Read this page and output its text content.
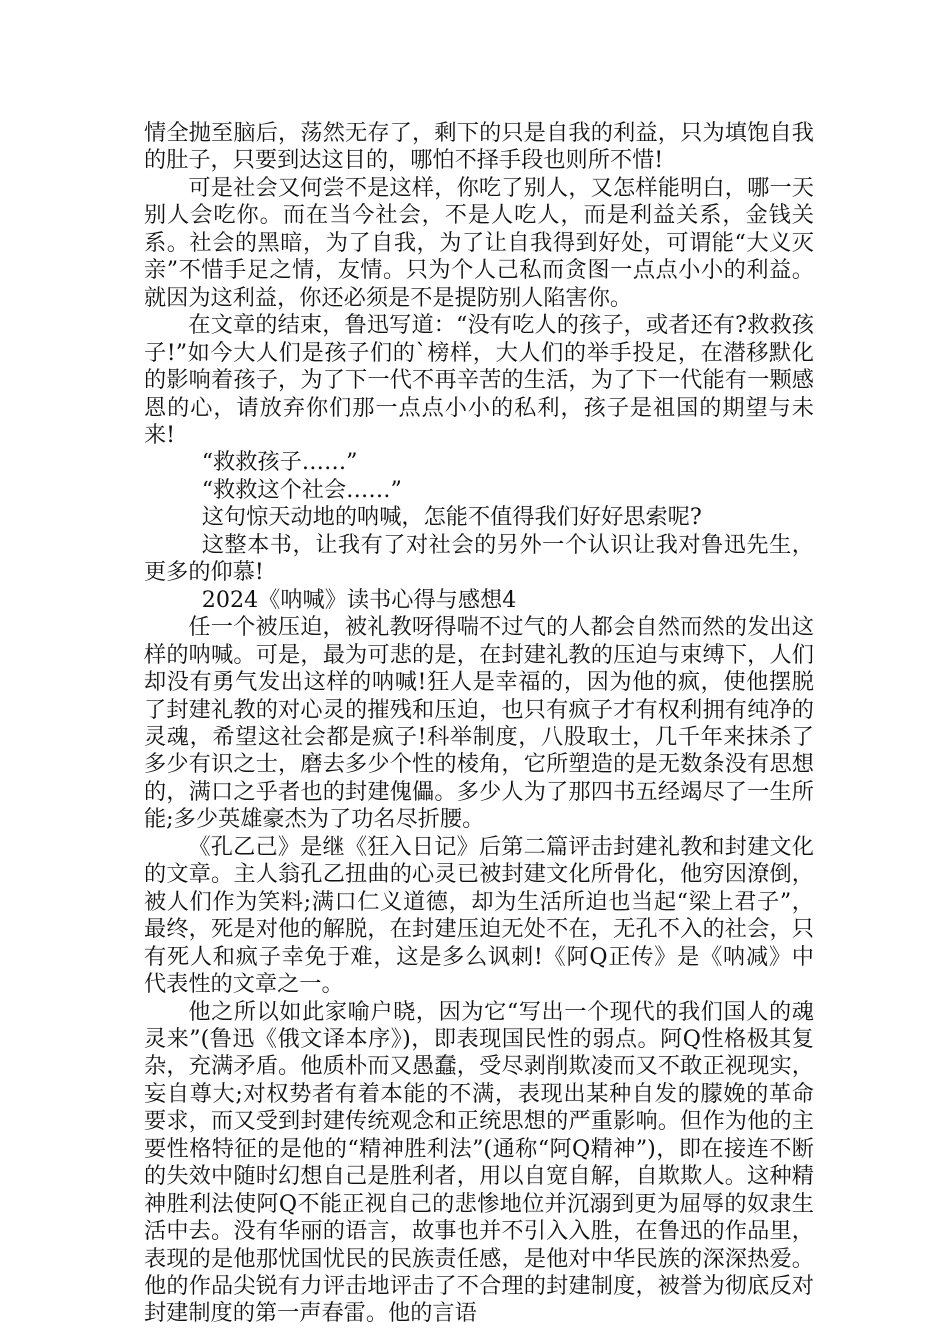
情全抛至脑后，荡然无存了，剩下的只是自我的利益，只为填饱自我的肚子，只要到达这目的，哪怕不择手段也则所不惜!

可是社会又何尝不是这样，你吃了别人，又怎样能明白，哪一天别人会吃你。而在当今社会，不是人吃人，而是利益关系，金钱关系。社会的黑暗，为了自我，为了让自我得到好处，可谓能“大义灭亲”不惜手足之情，友情。只为个人己私而贪图一点点小小的利益。就因为这利益，你还必须是不是提防别人陷害你。

在文章的结束，鲁迅写道：“没有吃人的孩子，或者还有?救救孩子!”如今大人们是孩子们的`榜样，大人们的举手投足，在潜移默化的影响着孩子，为了下一代不再辛苦的生活，为了下一代能有一颗感恩的心，请放弃你们那一点点小小的私利，孩子是祖国的期望与未来!

“救救孩子……”

“救救这个社会……”

这句惊天动地的呐喊，怎能不值得我们好好思索呢?

这整本书，让我有了对社会的另外一个认识让我对鲁迅先生，更多的仰慕!

2024《呐喊》读书心得与感想4

任一个被压迫，被礼教呀得喘不过气的人都会自然而然的发出这样的呐喊。可是，最为可悲的是，在封建礼教的压迫与束缚下，人们却没有勇气发出这样的呐喊!狂人是幸福的，因为他的疯，使他摆脱了封建礼教的对心灵的摧残和压迫，也只有疯子才有权利拥有纯净的灵魂，希望这社会都是疯子!科举制度，八股取士，几千年来抹杀了多少有识之士，磨去多少个性的棱角，它所塑造的是无数条没有思想的，满口之乎者也的封建傀儡。多少人为了那四书五经竭尽了一生所能;多少英雄豪杰为了功名尽折腰。

《孔乙己》是继《狂入日记》后第二篇评击封建礼教和封建文化的文章。主人翁孔乙扭曲的心灵已被封建文化所骨化，他穷因潦倒，被人们作为笑料;满口仁义道德，却为生活所迫也当起“梁上君子”，最终，死是对他的解脱，在封建压迫无处不在，无孔不入的社会，只有死人和疯子幸免于难，这是多么讽刺!《阿Q正传》是《呐减》中代表性的文章之一。

他之所以如此家喻户晓，因为它“写出一个现代的我们国人的魂灵来”(鲁迅《俄文译本序》)，即表现国民性的弱点。阿Q性格极其复杂，充满矛盾。他质朴而又愚蠢，受尽剥削欺凌而又不敢正视现实，妄自尊大;对权势者有着本能的不满，表现出某种自发的朦娩的革命要求，而又受到封建传统观念和正统思想的严重影响。但作为他的主要性格特征的是他的“精神胜利法”(通称“阿Q精神”)，即在接连不断的失效中随时幻想自己是胜利者，用以自宽自解，自欺欺人。这种精神胜利法使阿Q不能正视自己的悲惨地位并沉溺到更为屈辱的奴隶生活中去。没有华丽的语言，故事也并不引入入胜，在鲁迅的作品里，表现的是他那忧国忧民的民族责任感，是他对中华民族的深深热爱。他的作品尖锐有力评击地评击了不合理的封建制度，被誉为彻底反对封建制度的第一声春雷。他的言语
